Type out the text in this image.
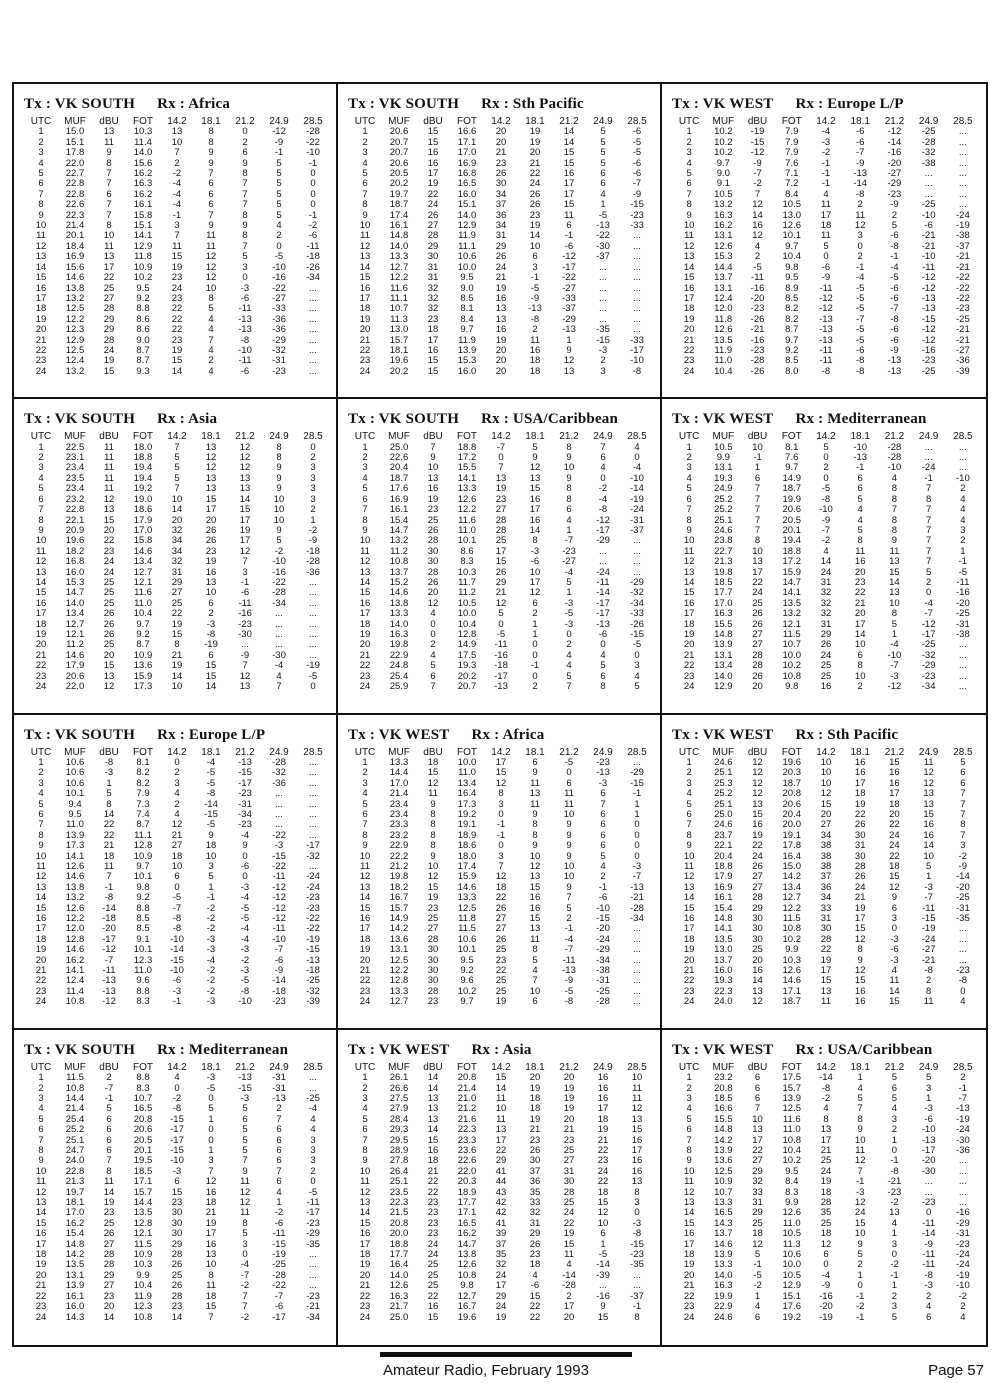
Tx : VK SOUTH Rx : Africa
UTC	MUF	dBU	FOT	14.2	18.1	21.2	24.9	28.5
1	15.0	13	10.3	13	8	0	-12	-28
2	15.1	11	11.4	10	8	2	-9	-22
3	17.8	9	14.0	7	9	6	-1	-10
4	22.0	8	15.6	2	9	9	5	-1
5	22.7	7	16.2	-2	7	8	5	0
6	22.8	7	16.3	-4	6	7	5	0
7	22.8	6	16.2	-4	6	7	5	0
8	22.6	7	16.1	-4	6	7	5	0
9	22.3	7	15.8	-1	7	8	5	-1
10	21.4	8	15.1	3	9	9	4	-2
11	20.1	10	14.1	7	11	8	2	-6
12	18.4	11	12.9	11	11	7	0	-11
13	16.9	13	11.8	15	12	5	-5	-18
14	15.6	17	10.9	19	12	3	-10	-26
15	14.6	22	10.2	23	12	0	-16	-34
16	13.8	25	9.5	24	10	-3	-22	...
17	13.2	27	9.2	23	8	-6	-27	...
18	12.5	28	8.8	22	5	-11	-33	...
19	12.2	29	8.6	22	4	-13	-36	...
20	12.3	29	8.6	22	4	-13	-36	...
21	12.9	28	9.0	23	7	-8	-29	...
22	12.5	24	8.7	19	4	-10	-32	...
23	12.4	19	8.7	15	2	-11	-31	...
24	13.2	15	9.3	14	4	-6	-23	...
Tx : VK SOUTH Rx : Sth Pacific
UTC	MUF	dBU	FOT	14.2	18.1	21.2	24.9	28.5
1	20.6	15	16.6	20	19	14	5	-6
2	20.7	15	17.1	20	19	14	5	-5
3	20.7	16	17.0	21	20	15	5	-5
4	20.6	16	16.9	23	21	15	5	-6
5	20.5	17	16.8	26	22	16	6	-6
6	20.2	19	16.5	30	24	17	6	-7
7	19.7	22	16.0	34	26	17	4	-9
8	18.7	24	15.1	37	26	15	1	-15
9	17.4	26	14.0	36	23	11	-5	-23
10	16.1	27	12.9	34	19	6	-13	-33
11	14.8	28	11.9	31	14	-1	-22	...
12	14.0	29	11.1	29	10	-6	-30	...
13	13.3	30	10.6	26	6	-12	-37	...
14	12.7	31	10.0	24	3	-17	...	...
15	12.2	31	9.5	21	-1	-22	...	...
16	11.6	32	9.0	19	-5	-27	...	...
17	11.1	32	8.5	16	-9	-33	...	...
18	10.7	32	8.1	13	-13	-37	...	...
19	11.3	23	8.4	13	-8	-29	...	...
20	13.0	18	9.7	16	2	-13	-35	...
21	15.7	17	11.9	19	11	1	-15	-33
22	18.1	16	13.9	20	16	9	-3	-17
23	19.6	15	15.3	20	18	12	2	-10
24	20.2	15	16.0	20	18	13	3	-8
Tx : VK WEST Rx : Europe L/P
UTC	MUF	dBU	FOT	14.2	18.1	21.2	24.9	28.5
1	10.2	-19	7.9	-4	-6	-12	-25	...
2	10.2	-15	7.9	-3	-6	-14	-28	...
3	10.2	-12	7.9	-2	-7	-16	-32	...
4	9.7	-9	7.6	-1	-9	-20	-38	...
5	9.0	-7	7.1	-1	-13	-27	...	...
6	9.1	-2	7.2	-1	-14	-29	...	...
7	10.5	7	8.4	4	-8	-23	...	...
8	13.2	12	10.5	11	2	-9	-25	...
9	16.3	14	13.0	17	11	2	-10	-24
10	16.2	16	12.6	18	12	5	-6	-19
11	13.1	12	10.1	11	3	-6	-21	-38
12	12.6	4	9.7	5	0	-8	-21	-37
13	15.3	2	10.4	0	2	-1	-10	-21
14	14.4	-5	9.8	-6	-1	-4	-11	-21
15	13.7	-11	9.5	-9	-4	-5	-12	-22
16	13.1	-16	8.9	-11	-5	-6	-12	-22
17	12.4	-20	8.5	-12	-5	-6	-13	-22
18	12.0	-23	8.2	-12	-5	-7	-13	-23
19	11.8	-26	8.2	-13	-7	-8	-15	-25
20	12.6	-21	8.7	-13	-5	-6	-12	-21
21	13.5	-16	9.7	-13	-5	-6	-12	-21
22	11.9	-23	9.2	-11	-6	-9	-16	-27
23	11.0	-28	8.5	-11	-8	-13	-23	-36
24	10.4	-26	8.0	-8	-8	-13	-25	-39
Tx : VK SOUTH Rx : Asia
UTC	MUF	dBU	FOT	14.2	18.1	21.2	24.9	28.5
1	22.5	11	18.0	7	13	12	8	0
2	23.1	11	18.8	5	12	12	8	2
3	23.4	11	19.4	5	12	12	9	3
4	23.5	11	19.4	5	13	13	9	3
5	23.4	11	19.2	7	13	13	9	3
6	23.2	12	19.0	10	15	14	10	3
7	22.8	13	18.6	14	17	15	10	2
8	22.1	15	17.9	20	20	17	10	1
9	20.9	20	17.0	32	26	19	9	-2
10	19.6	22	15.8	34	26	17	5	-9
11	18.2	23	14.6	34	23	12	-2	-18
12	16.8	24	13.4	32	19	7	-10	-28
13	16.0	24	12.7	31	16	3	-16	-36
14	15.3	25	12.1	29	13	-1	-22	...
15	14.7	25	11.6	27	10	-6	-28	...
16	14.0	25	11.0	25	6	-11	-34	...
17	13.4	26	10.4	22	2	-16	...	...
18	12.7	26	9.7	19	-3	-23	...	...
19	12.1	26	9.2	15	-8	-30	...	...
20	11.2	25	8.7	8	-19	...	...	...
21	14.6	20	10.9	21	6	-9	-30	...
22	17.9	15	13.6	19	15	7	-4	-19
23	20.6	13	15.9	14	15	12	4	-5
24	22.0	12	17.3	10	14	13	7	0
Tx : VK SOUTH Rx : USA/Caribbean
UTC	MUF	dBU	FOT	14.2	18.1	21.2	24.9	28.5
1	25.0	7	18.8	-7	5	8	7	4
2	22.6	9	17.2	0	9	9	6	0
3	20.4	10	15.5	7	12	10	4	-4
4	18.7	13	14.1	13	13	9	0	-10
5	17.6	16	13.3	19	15	8	-2	-14
6	16.9	19	12.6	23	16	8	-4	-19
7	16.1	23	12.2	27	17	6	-8	-24
8	15.4	25	11.6	28	16	4	-12	-31
9	14.7	26	11.0	28	14	1	-17	-37
10	13.2	28	10.1	25	8	-7	-29	...
11	11.2	30	8.6	17	-3	-23	...	...
12	10.8	30	8.3	15	-6	-27	...	...
13	13.7	28	10.3	26	10	-4	-24	...
14	15.2	26	11.7	29	17	5	-11	-29
15	14.6	20	11.2	21	12	1	-14	-32
16	13.8	12	10.5	12	6	-3	-17	-34
17	13.3	4	10.0	5	2	-5	-17	-33
18	14.0	0	10.4	0	1	-3	-13	-26
19	16.3	0	12.8	-5	1	0	-6	-15
20	19.8	2	14.9	-11	0	2	0	-5
21	22.9	4	17.5	-16	0	4	4	0
22	24.8	5	19.3	-18	-1	4	5	3
23	25.4	6	20.2	-17	0	5	6	4
24	25.9	7	20.7	-13	2	7	8	5
Tx : VK WEST Rx : Mediterranean
UTC	MUF	dBU	FOT	14.2	18.1	21.2	24.9	28.5
1	10.5	10	8.1	5	-10	-28	...	...
2	9.9	-1	7.6	0	-13	-28	...	...
3	13.1	1	9.7	2	-1	-10	-24	...
4	19.3	6	14.9	0	6	4	-1	-10
5	24.9	7	18.7	-5	6	8	7	2
6	25.2	7	19.9	-8	5	8	8	4
7	25.2	7	20.6	-10	4	7	7	4
8	25.1	7	20.5	-9	4	8	7	4
9	24.6	7	20.1	-7	5	8	7	3
10	23.8	8	19.4	-2	8	9	7	2
11	22.7	10	18.8	4	11	11	7	1
12	21.3	13	17.2	14	16	13	7	-1
13	19.8	17	15.9	24	20	15	5	-5
14	18.5	22	14.7	31	23	14	2	-11
15	17.7	24	14.1	32	22	13	0	-16
16	17.0	25	13.5	32	21	10	-4	-20
17	16.3	26	13.2	32	20	8	-7	-25
18	15.5	26	12.1	31	17	5	-12	-31
19	14.8	27	11.5	29	14	1	-17	-38
20	13.9	27	10.7	26	10	-4	-25	...
21	13.1	28	10.0	24	6	-10	-32	...
22	13.4	28	10.2	25	8	-7	-29	...
23	14.0	26	10.8	25	10	-3	-23	...
24	12.9	20	9.8	16	2	-12	-34	...
Tx : VK SOUTH Rx : Europe L/P
UTC	MUF	dBU	FOT	14.2	18.1	21.2	24.9	28.5
1	10.6	-8	8.1	0	-4	-13	-28	...
2	10.6	-3	8.2	2	-5	-15	-32	...
3	10.6	1	8.2	3	-5	-17	-36	...
4	10.1	5	7.9	4	-8	-23	...	...
5	9.4	8	7.3	2	-14	-31	...	...
6	9.5	14	7.4	4	-15	-34	...	...
7	11.0	22	8.7	12	-5	-23	...	...
8	13.9	22	11.1	21	9	-4	-22	...
9	17.3	21	12.8	27	18	9	-3	-17
10	14.1	18	10.9	18	10	0	-15	-32
11	12.6	11	9.7	10	3	-6	-22	...
12	14.6	7	10.1	6	5	0	-11	-24
13	13.8	-1	9.8	0	1	-3	-12	-24
14	13.2	-8	9.2	-5	-1	-4	-12	-23
15	12.6	-14	8.8	-7	-2	-5	-12	-23
16	12.2	-18	8.5	-8	-2	-5	-12	-22
17	12.0	-20	8.5	-8	-2	-4	-11	-22
18	12.8	-17	9.1	-10	-3	-4	-10	-19
19	14.6	-12	10.1	-14	-3	-3	-7	-15
20	16.2	-7	12.3	-15	-4	-2	-6	-13
21	14.1	-11	11.0	-10	-2	-3	-9	-18
22	12.4	-13	9.6	-6	-2	-5	-14	-25
23	11.4	-13	8.8	-3	-2	-8	-18	-32
24	10.8	-12	8.3	-1	-3	-10	-23	-39
Tx : VK WEST Rx : Africa
UTC	MUF	dBU	FOT	14.2	18.1	21.2	24.9	28.5
1	13.3	18	10.0	17	6	-5	-23	...
2	14.4	15	11.0	15	9	0	-13	-29
3	17.0	12	13.4	12	11	6	-3	-15
4	21.4	11	16.4	8	13	11	6	-1
5	23.4	9	17.3	3	11	11	7	1
6	23.4	8	19.2	0	9	10	6	1
7	23.3	8	19.1	-1	8	9	6	0
8	23.2	8	18.9	-1	8	9	6	0
9	22.9	8	18.6	0	9	9	6	0
10	22.2	9	18.0	3	10	9	5	0
11	21.2	10	17.4	7	12	10	4	-3
12	19.8	12	15.9	12	13	10	2	-7
13	18.2	15	14.6	18	15	9	-1	-13
14	16.7	19	13.3	22	16	7	-6	-21
15	15.7	23	12.5	26	16	5	-10	-28
16	14.9	25	11.8	27	15	2	-15	-34
17	14.2	27	11.5	27	13	-1	-20	...
18	13.6	28	10.6	26	11	-4	-24	...
19	13.1	30	10.1	25	8	-7	-29	...
20	12.5	30	9.5	23	5	-11	-34	...
21	12.2	30	9.2	22	4	-13	-38	...
22	12.8	30	9.6	25	7	-9	-31	...
23	13.3	28	10.2	25	10	-5	-25	...
24	12.7	23	9.7	19	6	-8	-28	...
Tx : VK WEST Rx : Sth Pacific
UTC	MUF	dBU	FOT	14.2	18.1	21.2	24.9	28.5
1	24.6	12	19.6	10	16	15	11	5
2	25.1	12	20.3	10	16	16	12	6
3	25.3	12	18.7	10	17	16	12	6
4	25.2	12	20.8	12	18	17	13	7
5	25.1	13	20.6	15	19	18	13	7
6	25.0	15	20.4	20	22	20	15	7
7	24.6	16	20.0	27	26	22	16	8
8	23.7	19	19.1	34	30	24	16	7
9	22.1	22	17.8	38	31	24	14	3
10	20.4	24	16.4	38	30	22	10	-2
11	18.8	26	15.0	38	28	18	5	-9
12	17.9	27	14.2	37	26	15	1	-14
13	16.9	27	13.4	36	24	12	-3	-20
14	16.1	28	12.7	34	21	9	-7	-25
15	15.4	29	12.2	33	19	6	-11	-31
16	14.8	30	11.5	31	17	3	-15	-35
17	14.1	30	10.8	30	15	0	-19	...
18	13.5	30	10.2	28	12	-3	-24	...
19	13.0	25	9.9	22	8	-6	-27	...
20	13.7	20	10.3	19	9	-3	-21	...
21	16.0	16	12.6	17	12	4	-8	-23
22	19.3	14	14.6	15	15	11	2	-8
23	22.3	13	17.1	13	16	14	8	0
24	24.0	12	18.7	11	16	15	11	4
Tx : VK SOUTH Rx : Mediterranean
UTC	MUF	dBU	FOT	14.2	18.1	21.2	24.9	28.5
1	11.5	2	8.8	4	-3	-13	-31	...
2	10.8	-7	8.3	0	-5	-15	-31	...
3	14.4	-1	10.7	-2	0	-3	-13	-25
4	21.4	5	16.5	-8	5	5	2	-4
5	25.4	6	20.8	-15	1	6	7	4
6	25.2	6	20.6	-17	0	5	6	4
7	25.1	6	20.5	-17	0	5	6	3
8	24.7	6	20.1	-15	1	5	6	3
9	24.0	7	19.5	-10	3	7	6	3
10	22.8	8	18.5	-3	7	9	7	2
11	21.3	11	17.1	6	12	11	6	0
12	19.7	14	15.7	15	16	12	4	-5
13	18.1	19	14.4	23	18	12	1	-11
14	17.0	23	13.5	30	21	11	-2	-17
15	16.2	25	12.8	30	19	8	-6	-23
16	15.4	26	12.1	30	17	5	-11	-29
17	14.8	27	11.5	29	16	3	-15	-35
18	14.2	28	10.9	28	13	0	-19	...
19	13.5	28	10.3	26	10	-4	-25	...
20	13.1	29	9.9	25	8	-7	-28	...
21	13.9	27	10.4	26	11	-2	-22	...
22	16.1	23	11.9	28	18	7	-7	-23
23	16.0	20	12.3	23	15	7	-6	-21
24	14.3	14	10.8	14	7	-2	-17	-34
Tx : VK WEST Rx : Asia
UTC	MUF	dBU	FOT	14.2	18.1	21.2	24.9	28.5
1	26.1	14	20.8	15	20	20	16	10
2	26.6	14	21.4	14	19	19	16	11
3	27.5	13	21.0	11	18	19	16	11
4	27.9	13	21.2	10	18	19	17	12
5	28.4	13	21.6	11	19	20	18	13
6	29.3	14	22.3	13	21	21	19	15
7	29.5	15	23.3	17	23	23	21	16
8	28.9	16	23.6	22	26	25	22	17
9	27.8	18	22.6	29	30	27	23	16
10	26.4	21	22.0	41	37	31	24	16
11	25.1	22	20.3	44	36	30	22	13
12	23.5	22	18.9	43	35	28	18	8
13	22.3	23	17.7	42	33	25	15	3
14	21.5	23	17.1	42	32	24	12	0
15	20.8	23	16.5	41	31	22	10	-3
16	20.0	23	16.2	39	29	19	6	-8
17	18.8	24	14.7	37	26	15	1	-15
18	17.7	24	13.8	35	23	11	-5	-23
19	16.4	25	12.6	32	18	4	-14	-35
20	14.0	25	10.8	24	4	-14	-39	...
21	12.6	25	9.8	17	-6	-28	...	...
22	16.3	22	12.7	29	15	2	-16	-37
23	21.7	16	16.7	24	22	17	9	-1
24	25.0	15	19.6	19	22	20	15	8
Tx : VK WEST Rx : USA/Caribbean
UTC	MUF	dBU	FOT	14.2	18.1	21.2	24.9	28.5
1	23.2	6	17.5	-14	1	5	5	2
2	20.8	6	15.7	-8	4	6	3	-1
3	18.5	6	13.9	-2	5	5	1	-7
4	16.6	7	12.5	4	7	4	-3	-13
5	15.5	10	11.6	8	8	3	-6	-19
6	14.8	13	11.0	13	9	2	-10	-24
7	14.2	17	10.8	17	10	1	-13	-30
8	13.9	22	10.4	21	11	0	-17	-36
9	13.6	27	10.2	25	12	-1	-20	...
10	12.5	29	9.5	24	7	-8	-30	...
11	10.9	32	8.4	19	-1	-21	...	...
12	10.7	33	8.3	18	-3	-23	...	...
13	13.3	31	9.9	28	12	-2	-23	...
14	16.5	29	12.6	35	24	13	0	-16
15	14.3	25	11.0	25	15	4	-11	-29
16	13.7	18	10.5	18	10	1	-14	-31
17	14.6	12	11.3	12	9	3	-9	-23
18	13.9	5	10.6	6	5	0	-11	-24
19	13.3	-1	10.0	0	2	-2	-11	-24
20	14.0	-5	10.5	-4	1	-1	-8	-19
21	16.3	-2	12.9	-9	0	1	-3	-10
22	19.9	1	15.1	-16	-1	2	2	-2
23	22.9	4	17.6	-20	-2	3	4	2
24	24.6	6	19.2	-19	-1	5	6	4
Amateur Radio, February 1993	Page 57
